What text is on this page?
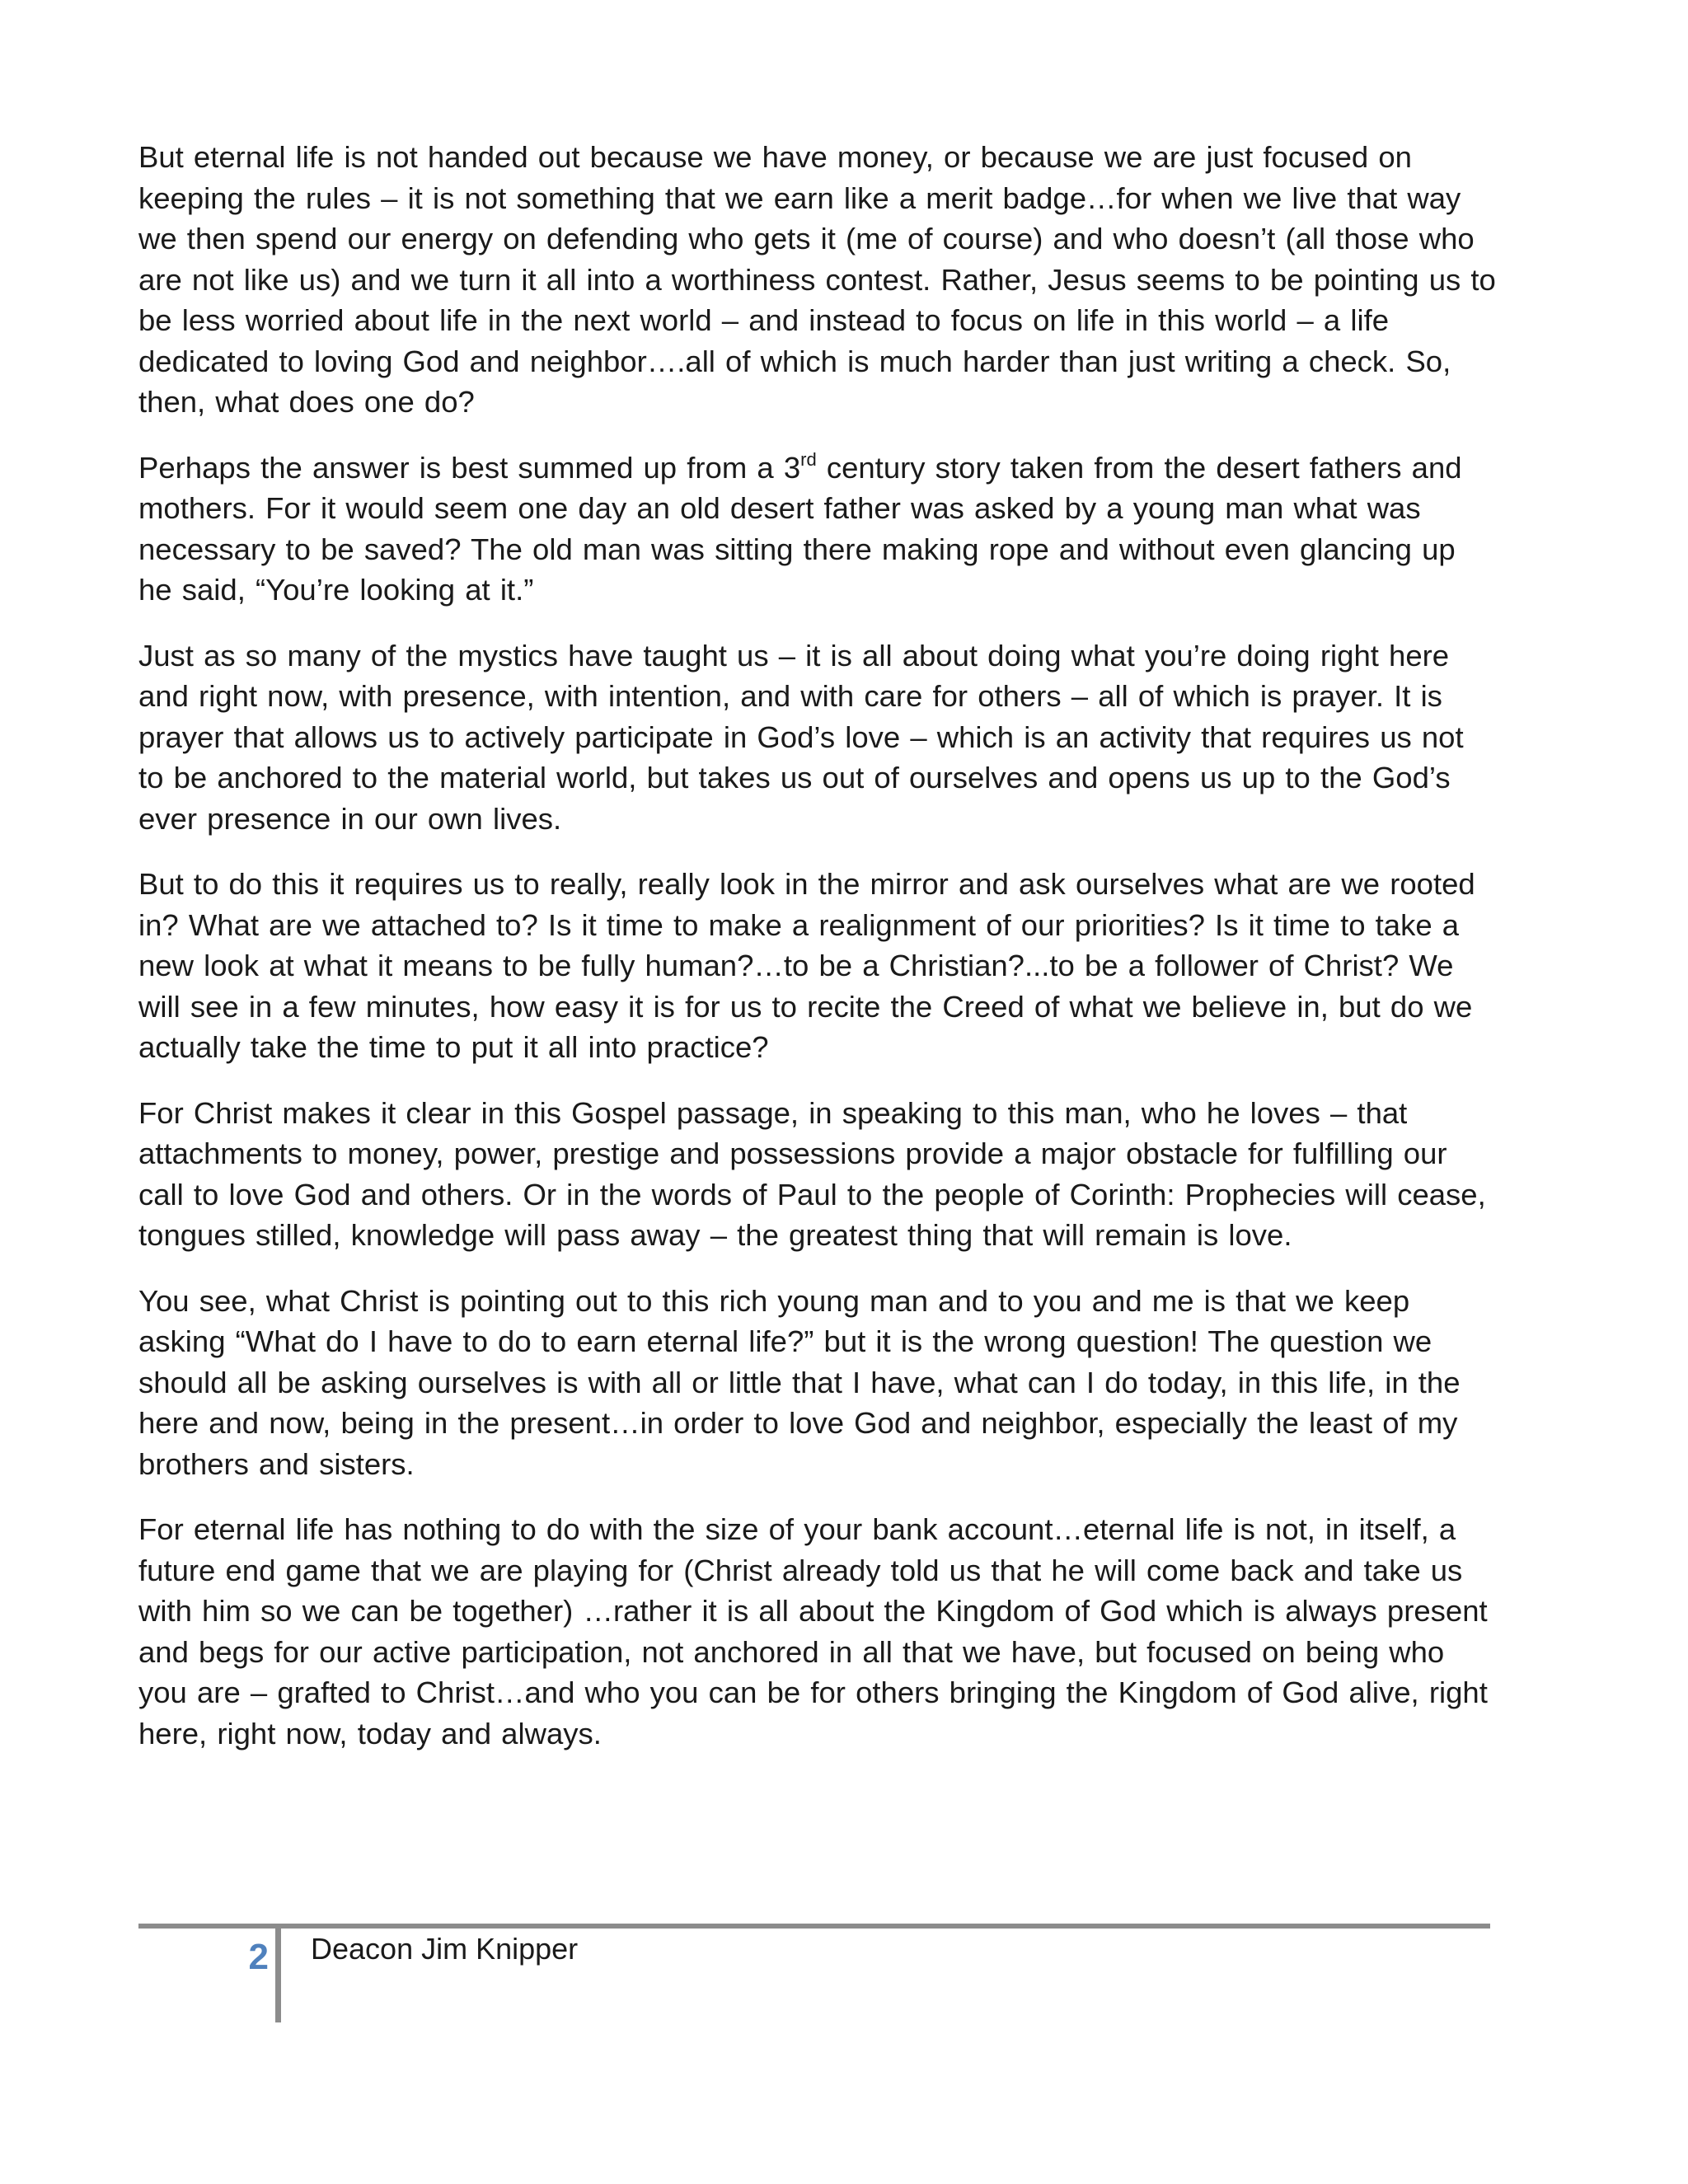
But eternal life is not handed out because we have money, or because we are just focused on keeping the rules – it is not something that we earn like a merit badge…for when we live that way we then spend our energy on defending who gets it (me of course) and who doesn’t (all those who are not like us) and we turn it all into a worthiness contest. Rather, Jesus seems to be pointing us to be less worried about life in the next world – and instead to focus on life in this world – a life dedicated to loving God and neighbor….all of which is much harder than just writing a check. So, then, what does one do?

Perhaps the answer is best summed up from a 3rd century story taken from the desert fathers and mothers. For it would seem one day an old desert father was asked by a young man what was necessary to be saved? The old man was sitting there making rope and without even glancing up he said, “You’re looking at it.”

Just as so many of the mystics have taught us – it is all about doing what you’re doing right here and right now, with presence, with intention, and with care for others – all of which is prayer. It is prayer that allows us to actively participate in God’s love – which is an activity that requires us not to be anchored to the material world, but takes us out of ourselves and opens us up to the God’s ever presence in our own lives.

But to do this it requires us to really, really look in the mirror and ask ourselves what are we rooted in? What are we attached to? Is it time to make a realignment of our priorities? Is it time to take a new look at what it means to be fully human?…to be a Christian?...to be a follower of Christ? We will see in a few minutes, how easy it is for us to recite the Creed of what we believe in, but do we actually take the time to put it all into practice?

For Christ makes it clear in this Gospel passage, in speaking to this man, who he loves – that attachments to money, power, prestige and possessions provide a major obstacle for fulfilling our call to love God and others. Or in the words of Paul to the people of Corinth: Prophecies will cease, tongues stilled, knowledge will pass away – the greatest thing that will remain is love.

You see, what Christ is pointing out to this rich young man and to you and me is that we keep asking “What do I have to do to earn eternal life?” but it is the wrong question! The question we should all be asking ourselves is with all or little that I have, what can I do today, in this life, in the here and now, being in the present…in order to love God and neighbor, especially the least of my brothers and sisters.

For eternal life has nothing to do with the size of your bank account…eternal life is not, in itself, a future end game that we are playing for (Christ already told us that he will come back and take us with him so we can be together) …rather it is all about the Kingdom of God which is always present and begs for our active participation, not anchored in all that we have, but focused on being who you are – grafted to Christ…and who you can be for others bringing the Kingdom of God alive, right here, right now, today and always.

2 Deacon Jim Knipper
